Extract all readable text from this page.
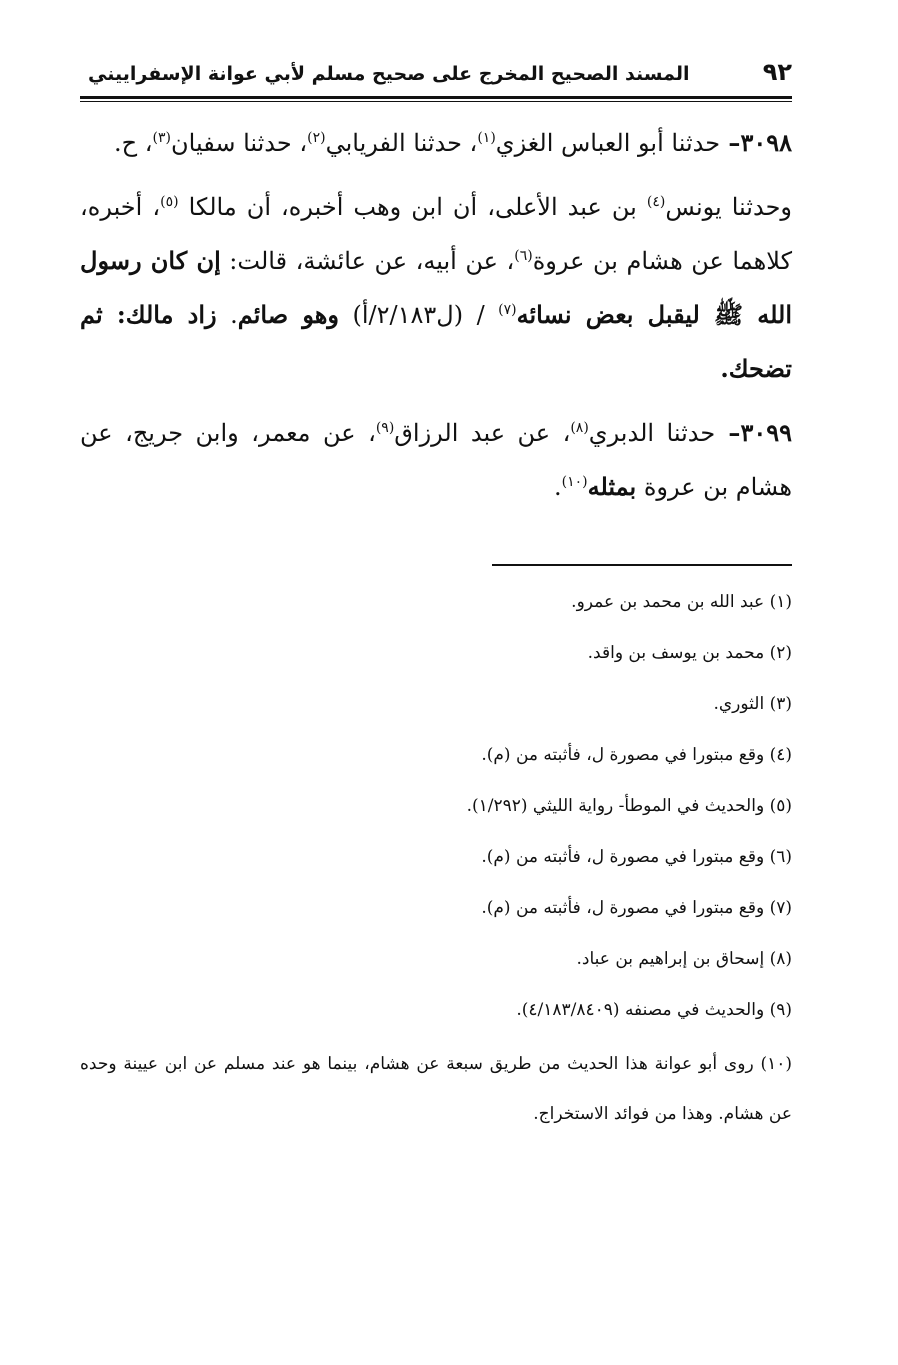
٩٢
المسند الصحيح المخرج على صحيح مسلم لأبي عوانة الإسفراييني

٣٠٩٨– حدثنا أبو العباس الغزي$^{(١)}$، حدثنا الفريابي$^{(٢)}$، حدثنا سفيان$^{(٣)}$، ح.

وحدثنا يونس$^{(٤)}$ بن عبد الأعلى، أن ابن وهب أخبره، أن مالكا $^{(٥)}$، أخبره، كلاهما عن هشام بن عروة$^{(٦)}$، عن أبيه، عن عائشة، قالت: إن كان رسول الله ﷺ ليقبل بعض نسائه$^{(٧)}$ / (ل٢/١٨٣/أ) وهو صائم. زاد مالك: ثم تضحك.

٣٠٩٩– حدثنا الدبري$^{(٨)}$، عن عبد الرزاق$^{(٩)}$، عن معمر، وابن جريج، عن هشام بن عروة بمثله$^{(١٠)}$.

(١) عبد الله بن محمد بن عمرو.

(٢) محمد بن يوسف بن واقد.

(٣) الثوري.

(٤) وقع مبتورا في مصورة ل، فأثبته من (م).

(٥) والحديث في الموطأ- رواية الليثي (١/٢٩٢).

(٦) وقع مبتورا في مصورة ل، فأثبته من (م).

(٧) وقع مبتورا في مصورة ل، فأثبته من (م).

(٨) إسحاق بن إبراهيم بن عباد.

(٩) والحديث في مصنفه (٤/١٨٣/٨٤٠٩).

(١٠) روى أبو عوانة هذا الحديث من طريق سبعة عن هشام، بينما هو عند مسلم عن ابن عيينة وحده عن هشام. وهذا من فوائد الاستخراج.
